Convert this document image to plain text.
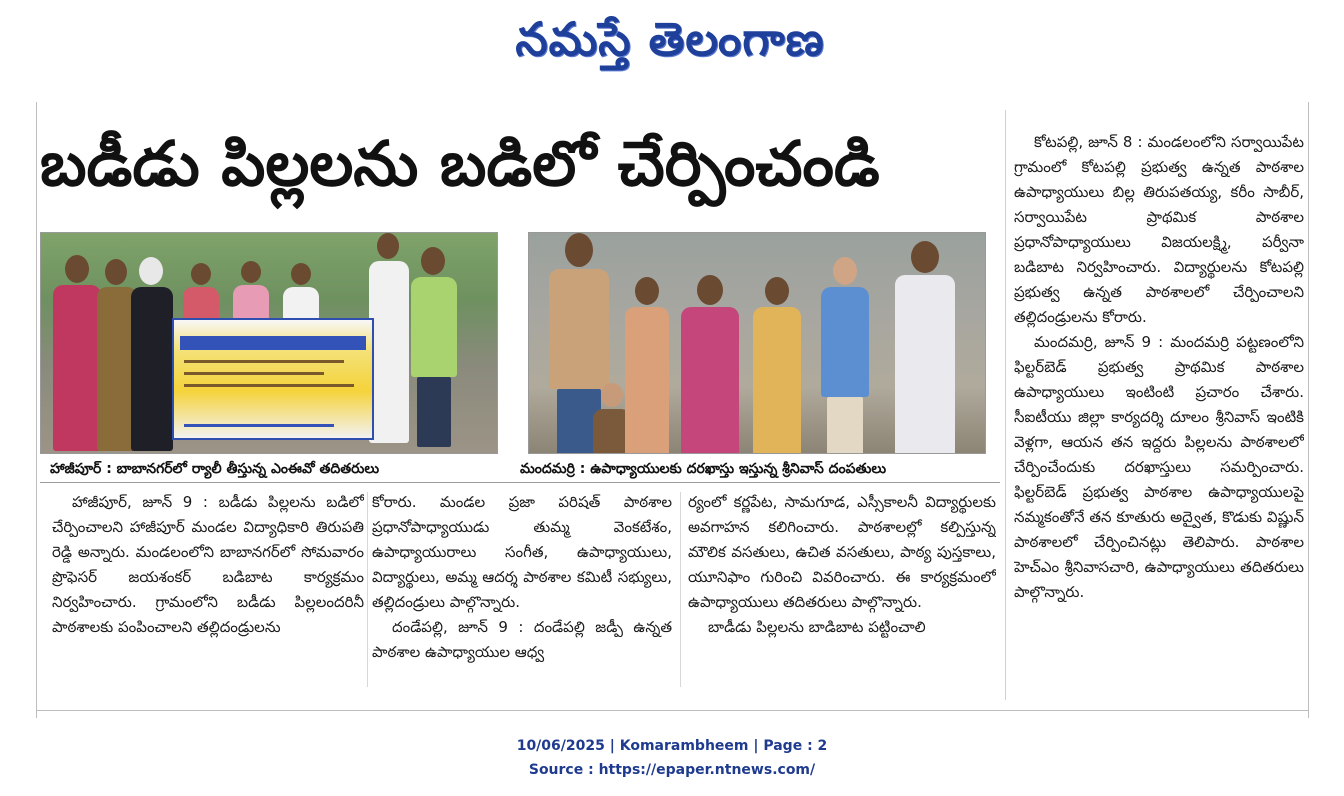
నమస్తే తెలంగాణ
బడీడు పిల్లలను బడిలో చేర్పించండి
హాజీపూర్ : బాబానగర్‌లో ర్యాలీ తీస్తున్న ఎంఈవో తదితరులు	మందమర్రి : ఉపాధ్యాయులకు దరఖాస్తు ఇస్తున్న శ్రీనివాస్ దంపతులు

హాజీపూర్, జూన్ 9 : బడీడు పిల్లలను బడిలో చేర్పించాలని హాజీపూర్ మండల విద్యాధికారి తిరుపతి రెడ్డి అన్నారు. మండలంలోని బాబానగర్‌లో సోమవారం ప్రొఫెసర్ జయశంకర్ బడిబాట కార్యక్రమం నిర్వహించారు. గ్రామంలోని బడీడు పిల్లలందరినీ పాఠశాలకు పంపించాలని తల్లిదండ్రులను

కోరారు. మండల ప్రజా పరిషత్ పాఠశాల ప్రధానోపాధ్యాయుడు తుమ్మ వెంకటేశం, ఉపాధ్యాయురాలు సంగీత, ఉపాధ్యాయులు, విద్యార్థులు, అమ్మ ఆదర్శ పాఠశాల కమిటీ సభ్యులు, తల్లిదండ్రులు పాల్గొన్నారు.

దండేపల్లి, జూన్ 9 : దండేపల్లి జడ్పీ ఉన్నత పాఠశాల ఉపాధ్యాయుల ఆధ్వ

ర్యంలో కర్ణపేట, సామగూడ, ఎస్సీకాలనీ విద్యార్థులకు అవగాహన కలిగించారు. పాఠశాలల్లో కల్పిస్తున్న మౌలిక వసతులు, ఉచిత వసతులు, పాఠ్య పుస్తకాలు, యూనిఫాం గురించి వివరించారు. ఈ కార్యక్రమంలో ఉపాధ్యాయులు తదితరులు పాల్గొన్నారు.

బాడీడు పిల్లలను బాడిబాట పట్టించాలి

కోటపల్లి, జూన్ 8 : మండలంలోని సర్వాయిపేట గ్రామంలో కోటపల్లి ప్రభుత్వ ఉన్నత పాఠశాల ఉపాధ్యాయులు బిల్ల తిరుపతయ్య, కరీం సాబీర్, సర్వాయిపేట ప్రాథమిక పాఠశాల ప్రధానోపాధ్యాయులు విజయలక్ష్మి, పర్వీనా బడిబాట నిర్వహించారు. విద్యార్థులను కోటపల్లి ప్రభుత్వ ఉన్నత పాఠశాలలో చేర్పించాలని తల్లిదండ్రులను కోరారు.

మందమర్రి, జూన్ 9 : మందమర్రి పట్టణంలోని ఫిల్టర్‌బెడ్ ప్రభుత్వ ప్రాథమిక పాఠశాల ఉపాధ్యాయులు ఇంటింటి ప్రచారం చేశారు. సీఐటీయు జిల్లా కార్యదర్శి దూలం శ్రీనివాస్ ఇంటికి వెళ్లగా, ఆయన తన ఇద్దరు పిల్లలను పాఠశాలలో చేర్పించేందుకు దరఖాస్తులు సమర్పించారు. ఫిల్టర్‌బెడ్ ప్రభుత్వ పాఠశాల ఉపాధ్యాయులపై నమ్మకంతోనే తన కూతురు అద్వైత, కొడుకు విష్ణున్ పాఠశాలలో చేర్పించినట్లు తెలిపారు. పాఠశాల హెచ్‌ఎం శ్రీనివాసచారి, ఉపాధ్యాయులు తదితరులు పాల్గొన్నారు.

10/06/2025 | Komarambheem | Page : 2
Source : https://epaper.ntnews.com/
